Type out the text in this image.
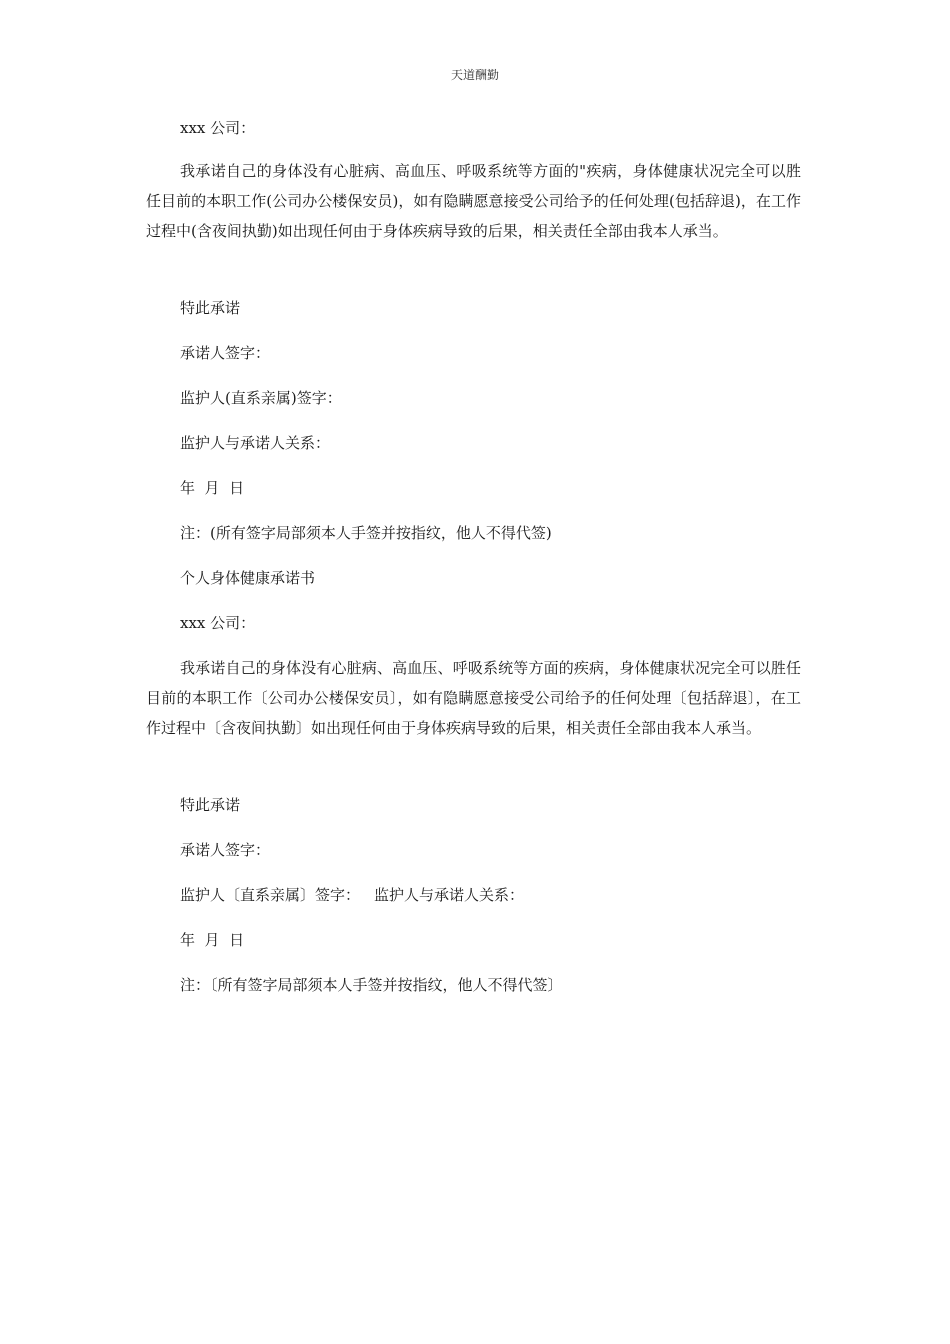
天道酬勤
xxx 公司：
我承诺自己的身体没有心脏病、高血压、呼吸系统等方面的"疾病，身体健康状况完全可以胜任目前的本职工作(公司办公楼保安员)，如有隐瞒愿意接受公司给予的任何处理(包括辞退)，在工作过程中(含夜间执勤)如出现任何由于身体疾病导致的后果，相关责任全部由我本人承当。
特此承诺
承诺人签字：
监护人(直系亲属)签字：
监护人与承诺人关系：
年  月  日
注：(所有签字局部须本人手签并按指纹，他人不得代签)
个人身体健康承诺书
xxx 公司：
我承诺自己的身体没有心脏病、高血压、呼吸系统等方面的疾病，身体健康状况完全可以胜任目前的本职工作〔公司办公楼保安员〕，如有隐瞒愿意接受公司给予的任何处理〔包括辞退〕，在工作过程中〔含夜间执勤〕如出现任何由于身体疾病导致的后果，相关责任全部由我本人承当。
特此承诺
承诺人签字：
监护人〔直系亲属〕签字： 监护人与承诺人关系：
年  月  日
注：〔所有签字局部须本人手签并按指纹，他人不得代签〕
